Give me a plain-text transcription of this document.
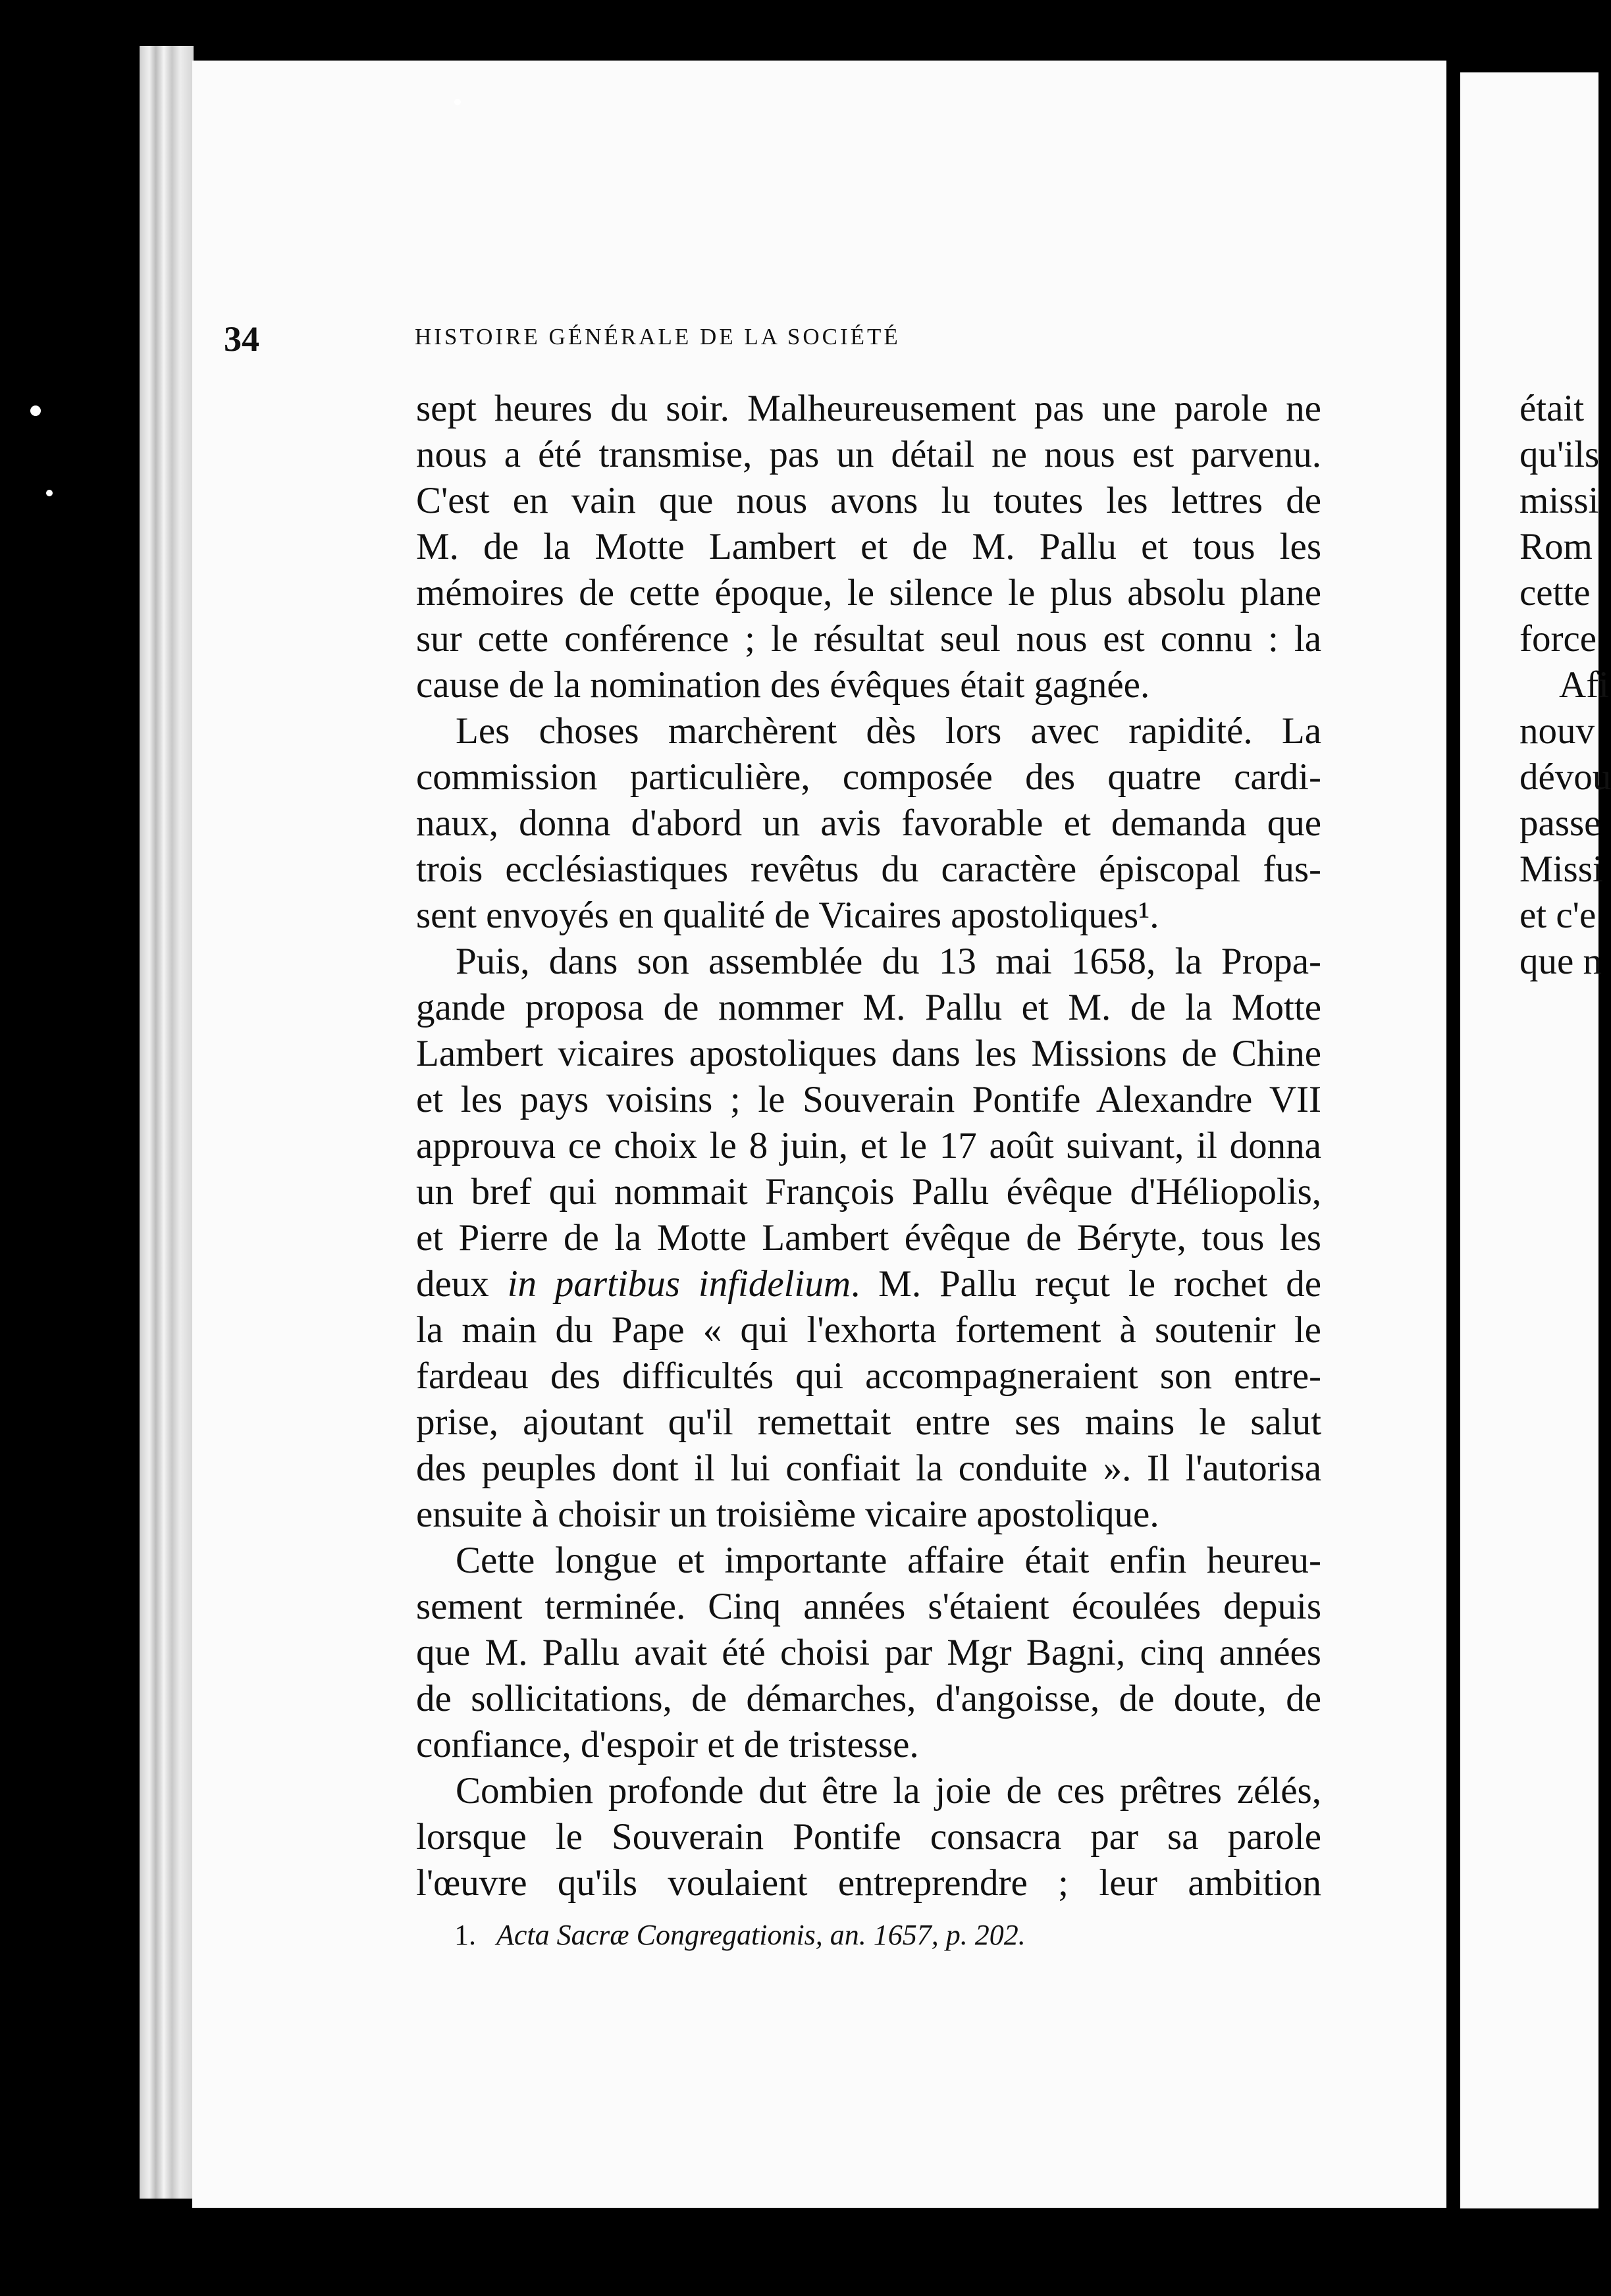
34	HISTOIRE GÉNÉRALE DE LA SOCIÉTÉ
sept heures du soir. Malheureusement pas une parole ne
nous a été transmise, pas un détail ne nous est parvenu.
C'est en vain que nous avons lu toutes les lettres de
M. de la Motte Lambert et de M. Pallu et tous les
mémoires de cette époque, le silence le plus absolu plane
sur cette conférence ; le résultat seul nous est connu : la
cause de la nomination des évêques était gagnée.
Les choses marchèrent dès lors avec rapidité. La
commission particulière, composée des quatre cardi-
naux, donna d'abord un avis favorable et demanda que
trois ecclésiastiques revêtus du caractère épiscopal fus-
sent envoyés en qualité de Vicaires apostoliques¹.
Puis, dans son assemblée du 13 mai 1658, la Propa-
gande proposa de nommer M. Pallu et M. de la Motte
Lambert vicaires apostoliques dans les Missions de Chine
et les pays voisins ; le Souverain Pontife Alexandre VII
approuva ce choix le 8 juin, et le 17 août suivant, il donna
un bref qui nommait François Pallu évêque d'Héliopolis,
et Pierre de la Motte Lambert évêque de Béryte, tous les
deux in partibus infidelium. M. Pallu reçut le rochet de
la main du Pape « qui l'exhorta fortement à soutenir le
fardeau des difficultés qui accompagneraient son entre-
prise, ajoutant qu'il remettait entre ses mains le salut
des peuples dont il lui confiait la conduite ». Il l'autorisa
ensuite à choisir un troisième vicaire apostolique.
Cette longue et importante affaire était enfin heureu-
sement terminée. Cinq années s'étaient écoulées depuis
que M. Pallu avait été choisi par Mgr Bagni, cinq années
de sollicitations, de démarches, d'angoisse, de doute, de
confiance, d'espoir et de tristesse.
Combien profonde dut être la joie de ces prêtres zélés,
lorsque le Souverain Pontife consacra par sa parole
l'œuvre qu'ils voulaient entreprendre ; leur ambition
1. Acta Sacræ Congregationis, an. 1657, p. 202.
était
qu'ils
missi
Rom
cette
force
Afi
nouv
dévou
passe
Missi
et c'e
que n
